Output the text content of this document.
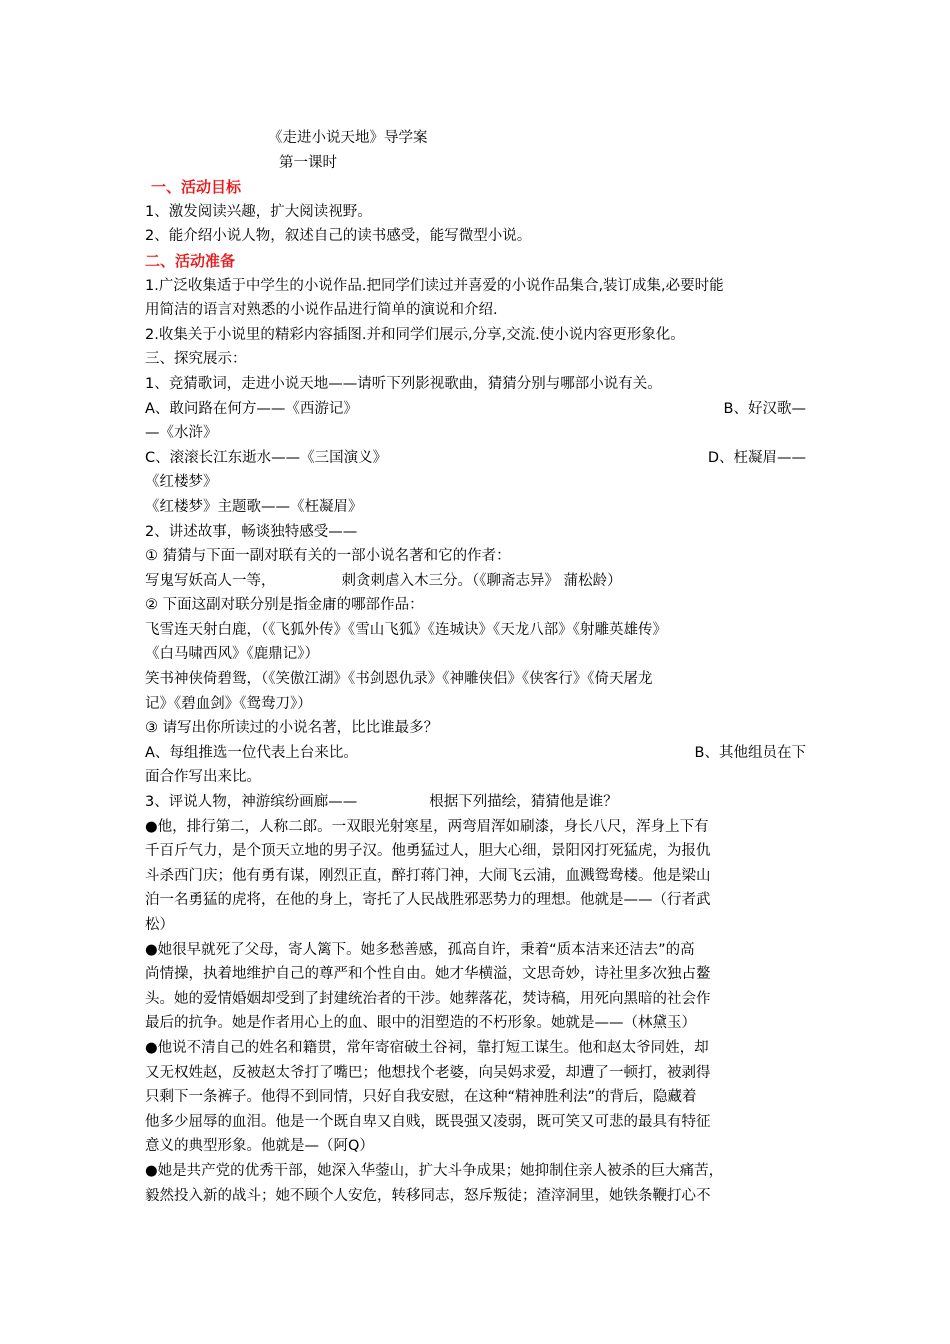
《走进小说天地》导学案
第一课时
一、活动目标
1、激发阅读兴趣，扩大阅读视野。
2、能介绍小说人物，叙述自己的读书感受，能写微型小说。
二、活动准备
1.广泛收集适于中学生的小说作品.把同学们读过并喜爱的小说作品集合,装订成集,必要时能
用简洁的语言对熟悉的小说作品进行简单的演说和介绍.
2.收集关于小说里的精彩内容插图.并和同学们展示,分享,交流.使小说内容更形象化。
三、探究展示：
1、竞猜歌词，走进小说天地——请听下列影视歌曲，猜猜分别与哪部小说有关。
A、敢问路在何方——《西游记》	B、好汉歌—
—《水浒》
C、滚滚长江东逝水——《三国演义》	D、枉凝眉——
《红楼梦》
《红楼梦》主题歌——《枉凝眉》
2、讲述故事，畅谈独特感受——
① 猜猜与下面一副对联有关的一部小说名著和它的作者：
写鬼写妖高人一等，	刺贪刺虐入木三分。（《聊斋志异》 蒲松龄）
② 下面这副对联分别是指金庸的哪部作品：
飞雪连天射白鹿，（《飞狐外传》《雪山飞狐》《连城诀》《天龙八部》《射雕英雄传》
《白马啸西风》《鹿鼎记》）
笑书神侠倚碧鸳，（《笑傲江湖》《书剑恩仇录》《神雕侠侣》《侠客行》《倚天屠龙
记》《碧血剑》《鸳鸯刀》）
③ 请写出你所读过的小说名著，比比谁最多？
A、每组推选一位代表上台来比。	B、其他组员在下
面合作写出来比。
3、评说人物，神游缤纷画廊——	根据下列描绘，猜猜他是谁？
●他，排行第二，人称二郎。一双眼光射寒星，两弯眉浑如刷漆，身长八尺，浑身上下有
千百斤气力，是个顶天立地的男子汉。他勇猛过人，胆大心细，景阳冈打死猛虎，为报仇
斗杀西门庆；他有勇有谋，刚烈正直，醉打蒋门神，大闹飞云浦，血溅鸳鸯楼。他是梁山
泊一名勇猛的虎将，在他的身上，寄托了人民战胜邪恶势力的理想。他就是——（行者武
松）
●她很早就死了父母，寄人篱下。她多愁善感，孤高自许，秉着“质本洁来还洁去”的高
尚情操，执着地维护自己的尊严和个性自由。她才华横溢，文思奇妙，诗社里多次独占鳌
头。她的爱情婚姻却受到了封建统治者的干涉。她葬落花，焚诗稿，用死向黑暗的社会作
最后的抗争。她是作者用心上的血、眼中的泪塑造的不朽形象。她就是——（林黛玉）
●他说不清自己的姓名和籍贯，常年寄宿破土谷祠，靠打短工谋生。他和赵太爷同姓，却
又无权姓赵，反被赵太爷打了嘴巴；他想找个老婆，向吴妈求爱，却遭了一顿打，被剥得
只剩下一条裤子。他得不到同情，只好自我安慰，在这种“精神胜利法”的背后，隐藏着
他多少屈辱的血泪。他是一个既自卑又自贱，既畏强又凌弱，既可笑又可悲的最具有特征
意义的典型形象。他就是—（阿Q）
●她是共产党的优秀干部，她深入华蓥山，扩大斗争成果；她抑制住亲人被杀的巨大痛苦，
毅然投入新的战斗；她不顾个人安危，转移同志，怒斥叛徒；渣滓洞里，她铁条鞭打心不
